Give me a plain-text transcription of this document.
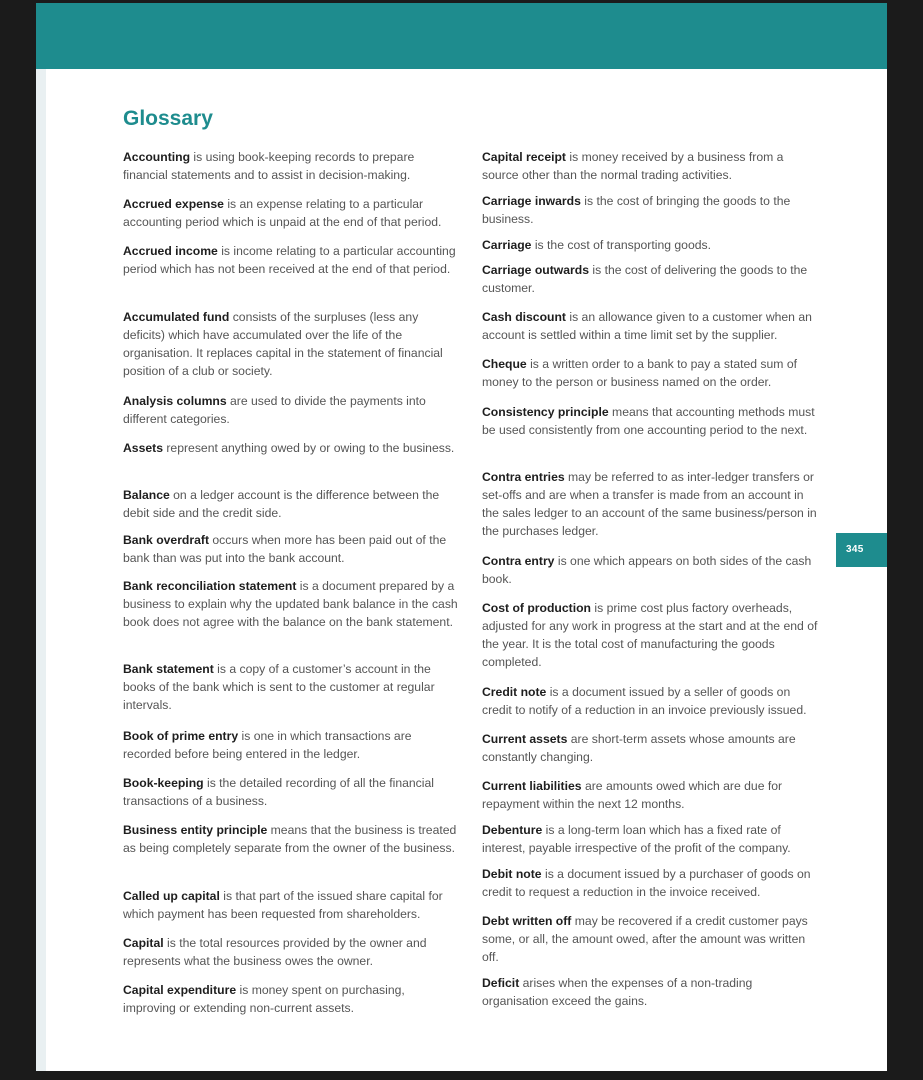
345
Glossary

Accounting is using book-keeping records to prepare financial statements and to assist in decision-making.

Accrued expense is an expense relating to a particular accounting period which is unpaid at the end of that period.

Accrued income is income relating to a particular accounting period which has not been received at the end of that period.

Accumulated fund consists of the surpluses (less any deficits) which have accumulated over the life of the organisation. It replaces capital in the statement of financial position of a club or society.

Analysis columns are used to divide the payments into different categories.

Assets represent anything owed by or owing to the business.

Balance on a ledger account is the difference between the debit side and the credit side.

Bank overdraft occurs when more has been paid out of the bank than was put into the bank account.

Bank reconciliation statement is a document prepared by a business to explain why the updated bank balance in the cash book does not agree with the balance on the bank statement.

Bank statement is a copy of a customer’s account in the books of the bank which is sent to the customer at regular intervals.

Book of prime entry is one in which transactions are recorded before being entered in the ledger.

Book-keeping is the detailed recording of all the financial transactions of a business.

Business entity principle means that the business is treated as being completely separate from the owner of the business.

Called up capital is that part of the issued share capital for which payment has been requested from shareholders.

Capital is the total resources provided by the owner and represents what the business owes the owner.

Capital expenditure is money spent on purchasing, improving or extending non-current assets.

Capital receipt is money received by a business from a source other than the normal trading activities.

Carriage inwards is the cost of bringing the goods to the business.

Carriage is the cost of transporting goods.

Carriage outwards is the cost of delivering the goods to the customer.

Cash discount is an allowance given to a customer when an account is settled within a time limit set by the supplier.

Cheque is a written order to a bank to pay a stated sum of money to the person or business named on the order.

Consistency principle means that accounting methods must be used consistently from one accounting period to the next.

Contra entries may be referred to as inter-ledger transfers or set-offs and are when a transfer is made from an account in the sales ledger to an account of the same business/person in the purchases ledger.

Contra entry is one which appears on both sides of the cash book.

Cost of production is prime cost plus factory overheads, adjusted for any work in progress at the start and at the end of the year. It is the total cost of manufacturing the goods completed.

Credit note is a document issued by a seller of goods on credit to notify of a reduction in an invoice previously issued.

Current assets are short-term assets whose amounts are constantly changing.

Current liabilities are amounts owed which are due for repayment within the next 12 months.

Debenture is a long-term loan which has a fixed rate of interest, payable irrespective of the profit of the company.

Debit note is a document issued by a purchaser of goods on credit to request a reduction in the invoice received.

Debt written off may be recovered if a credit customer pays some, or all, the amount owed, after the amount was written off.

Deficit arises when the expenses of a non-trading organisation exceed the gains.
